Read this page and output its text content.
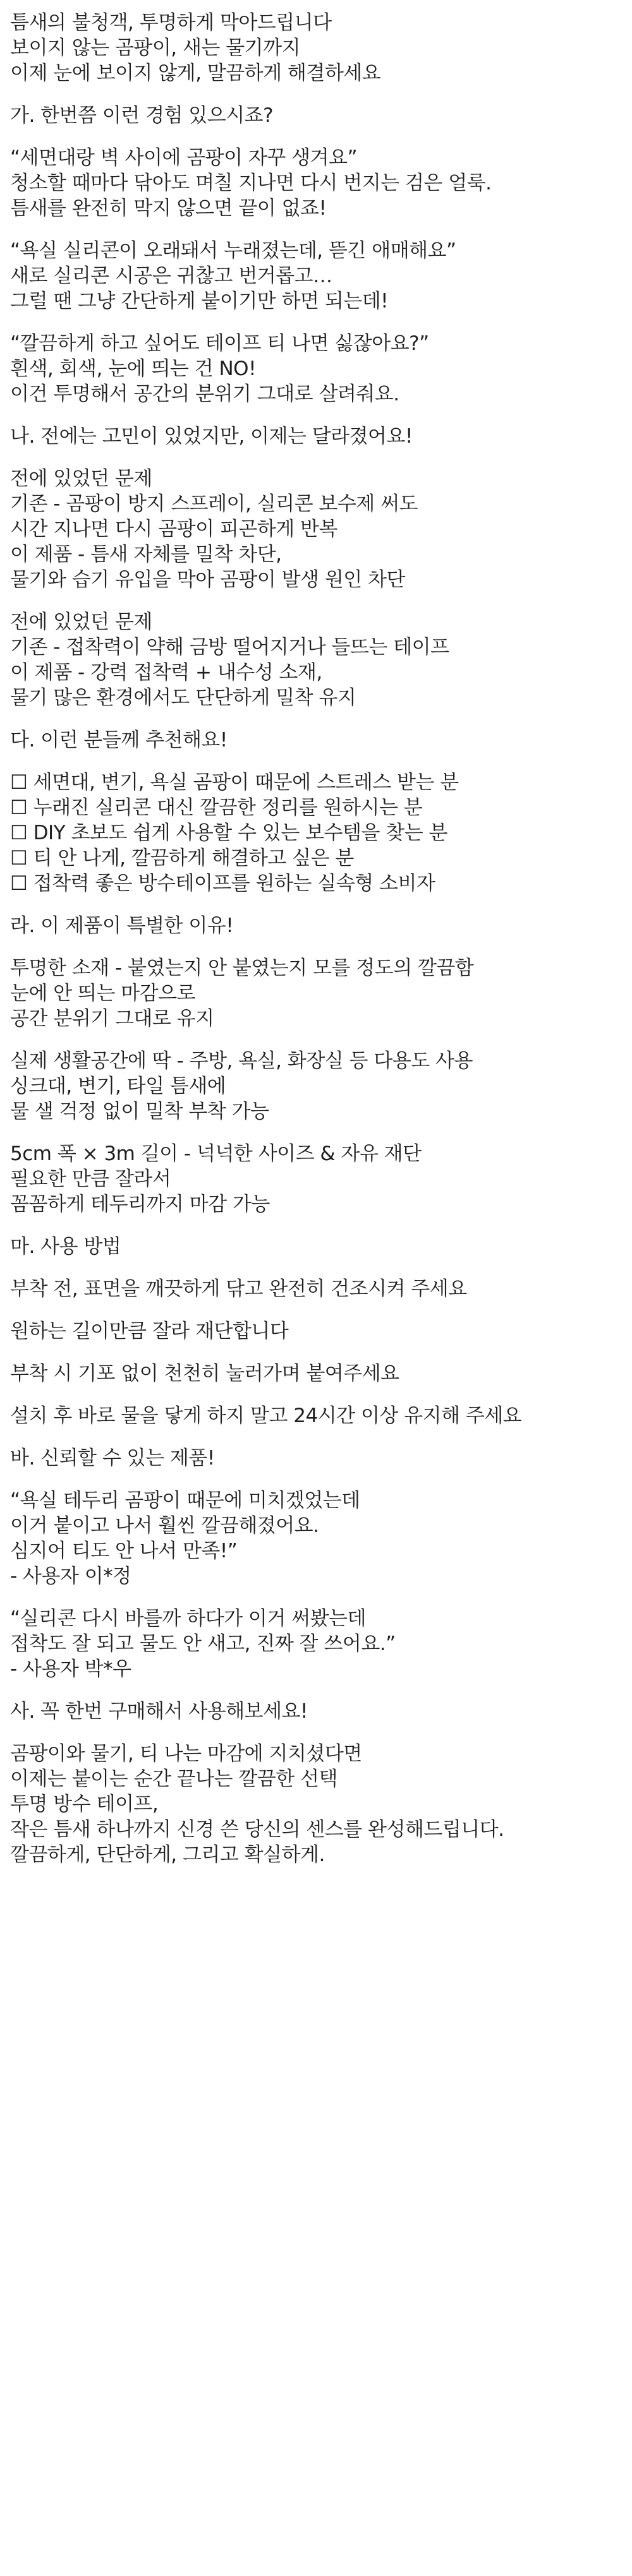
틈새의 불청객, 투명하게 막아드립니다
보이지 않는 곰팡이, 새는 물기까지
이제 눈에 보이지 않게, 말끔하게 해결하세요
가. 한번쯤 이런 경험 있으시죠?
“세면대랑 벽 사이에 곰팡이 자꾸 생겨요”
청소할 때마다 닦아도 며칠 지나면 다시 번지는 검은 얼룩.
틈새를 완전히 막지 않으면 끝이 없죠!
“욕실 실리콘이 오래돼서 누래졌는데, 뜯긴 애매해요”
새로 실리콘 시공은 귀찮고 번거롭고…
그럴 땐 그냥 간단하게 붙이기만 하면 되는데!
“깔끔하게 하고 싶어도 테이프 티 나면 싫잖아요?”
흰색, 회색, 눈에 띄는 건 NO!
이건 투명해서 공간의 분위기 그대로 살려줘요.
나. 전에는 고민이 있었지만, 이제는 달라졌어요!
전에 있었던 문제
기존 - 곰팡이 방지 스프레이, 실리콘 보수제 써도
시간 지나면 다시 곰팡이 피곤하게 반복
이 제품 - 틈새 자체를 밀착 차단,
물기와 습기 유입을 막아 곰팡이 발생 원인 차단
전에 있었던 문제
기존 - 접착력이 약해 금방 떨어지거나 들뜨는 테이프
이 제품 - 강력 접착력 + 내수성 소재,
물기 많은 환경에서도 단단하게 밀착 유지
다. 이런 분들께 추천해요!
☐ 세면대, 변기, 욕실 곰팡이 때문에 스트레스 받는 분
☐ 누래진 실리콘 대신 깔끔한 정리를 원하시는 분
☐ DIY 초보도 쉽게 사용할 수 있는 보수템을 찾는 분
☐ 티 안 나게, 깔끔하게 해결하고 싶은 분
☐ 접착력 좋은 방수테이프를 원하는 실속형 소비자
라. 이 제품이 특별한 이유!
투명한 소재 - 붙였는지 안 붙였는지 모를 정도의 깔끔함
눈에 안 띄는 마감으로
공간 분위기 그대로 유지
실제 생활공간에 딱 - 주방, 욕실, 화장실 등 다용도 사용
싱크대, 변기, 타일 틈새에
물 샐 걱정 없이 밀착 부착 가능
5cm 폭 × 3m 길이 - 넉넉한 사이즈 & 자유 재단
필요한 만큼 잘라서
꼼꼼하게 테두리까지 마감 가능
마. 사용 방법
부착 전, 표면을 깨끗하게 닦고 완전히 건조시켜 주세요
원하는 길이만큼 잘라 재단합니다
부착 시 기포 없이 천천히 눌러가며 붙여주세요
설치 후 바로 물을 닿게 하지 말고 24시간 이상 유지해 주세요
바. 신뢰할 수 있는 제품!
“욕실 테두리 곰팡이 때문에 미치겠었는데
이거 붙이고 나서 훨씬 깔끔해졌어요.
심지어 티도 안 나서 만족!”
- 사용자 이*정
“실리콘 다시 바를까 하다가 이거 써봤는데
접착도 잘 되고 물도 안 새고, 진짜 잘 쓰어요.”
- 사용자 박*우
사. 꼭 한번 구매해서 사용해보세요!
곰팡이와 물기, 티 나는 마감에 지치셨다면
이제는 붙이는 순간 끝나는 깔끔한 선택
투명 방수 테이프,
작은 틈새 하나까지 신경 쓴 당신의 센스를 완성해드립니다.
깔끔하게, 단단하게, 그리고 확실하게.
